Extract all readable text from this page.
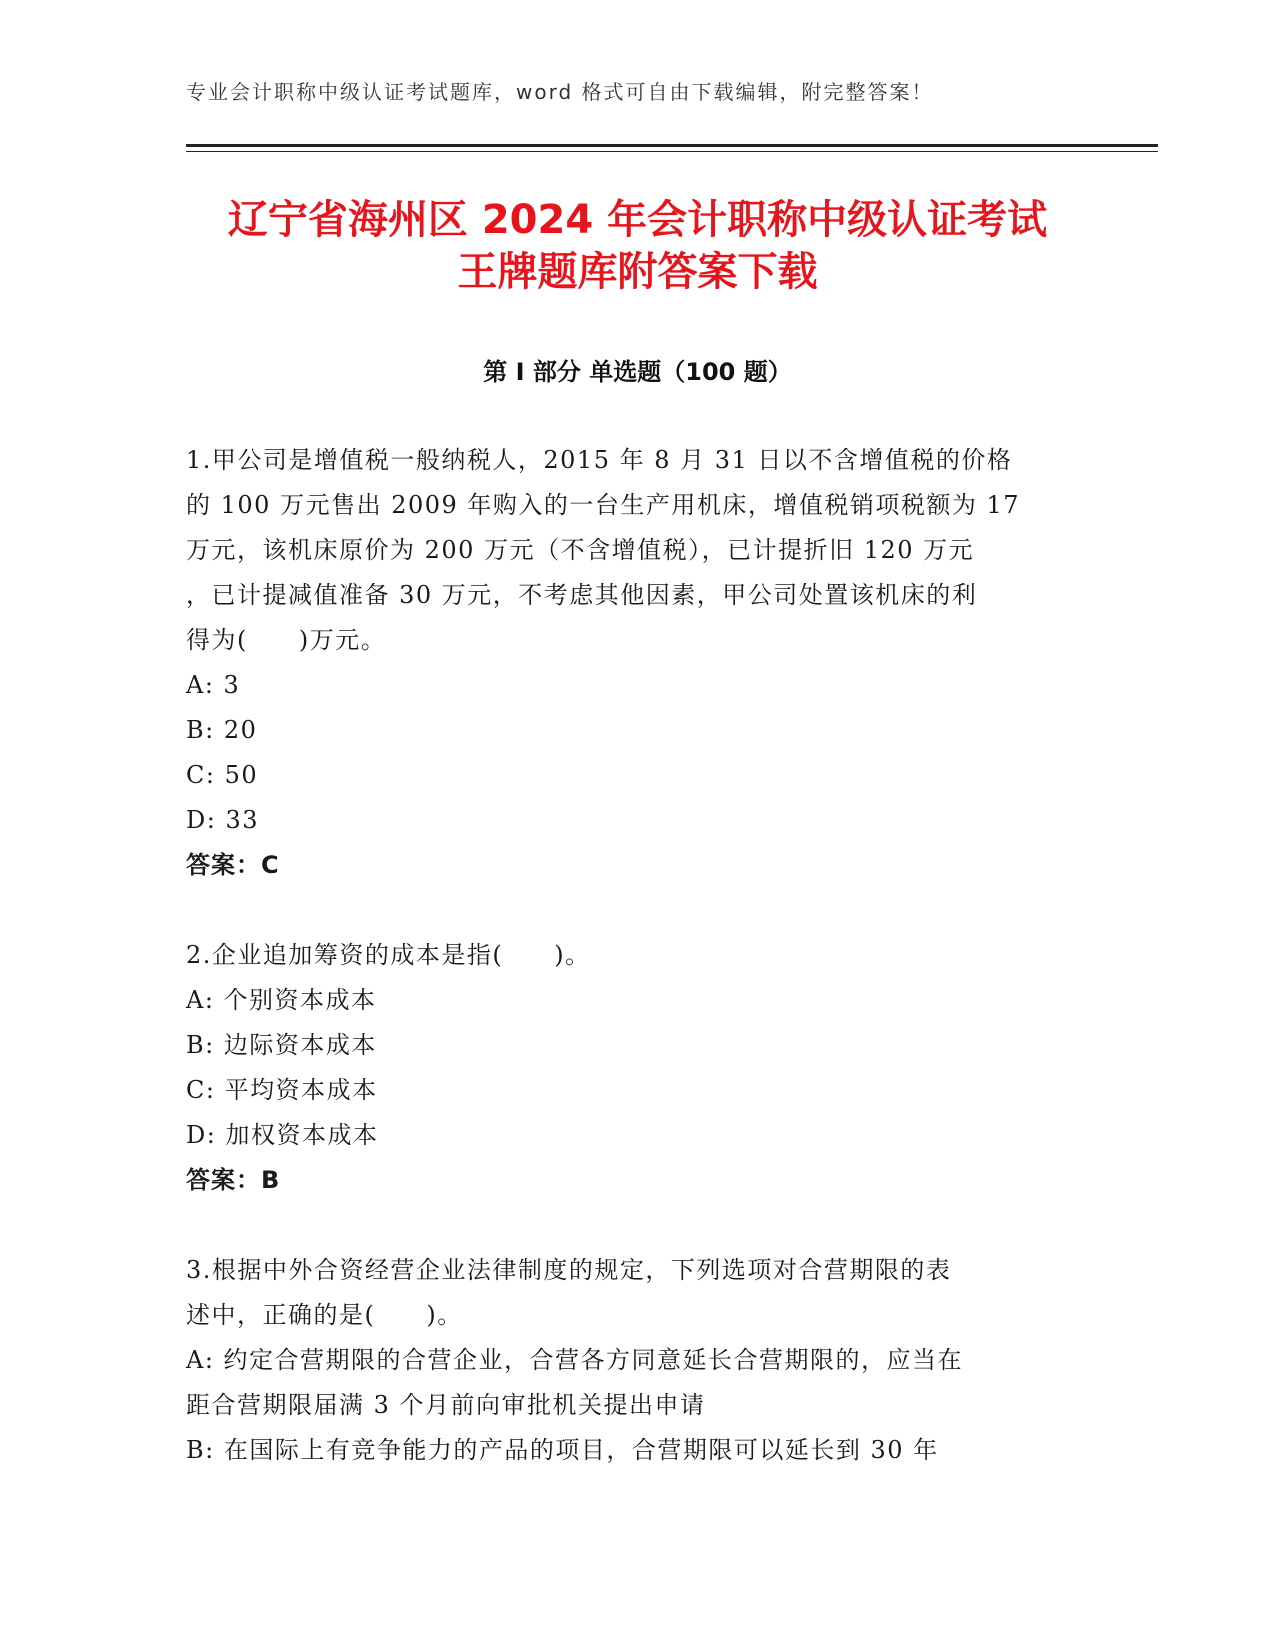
专业会计职称中级认证考试题库，word 格式可自由下载编辑，附完整答案！
辽宁省海州区 2024 年会计职称中级认证考试
王牌题库附答案下载
第 I 部分 单选题（100 题）
1.甲公司是增值税一般纳税人，2015 年 8 月 31 日以不含增值税的价格
的 100 万元售出 2009 年购入的一台生产用机床，增值税销项税额为 17
万元，该机床原价为 200 万元（不含增值税），已计提折旧 120 万元
，已计提减值准备 30 万元，不考虑其他因素，甲公司处置该机床的利
得为(　　)万元。
A: 3
B: 20
C: 50
D: 33
答案：C
2.企业追加筹资的成本是指(　　)。
A: 个别资本成本
B: 边际资本成本
C: 平均资本成本
D: 加权资本成本
答案：B
3.根据中外合资经营企业法律制度的规定，下列选项对合营期限的表
述中，正确的是(　　)。
A: 约定合营期限的合营企业，合营各方同意延长合营期限的，应当在
距合营期限届满 3 个月前向审批机关提出申请
B: 在国际上有竞争能力的产品的项目，合营期限可以延长到 30 年
